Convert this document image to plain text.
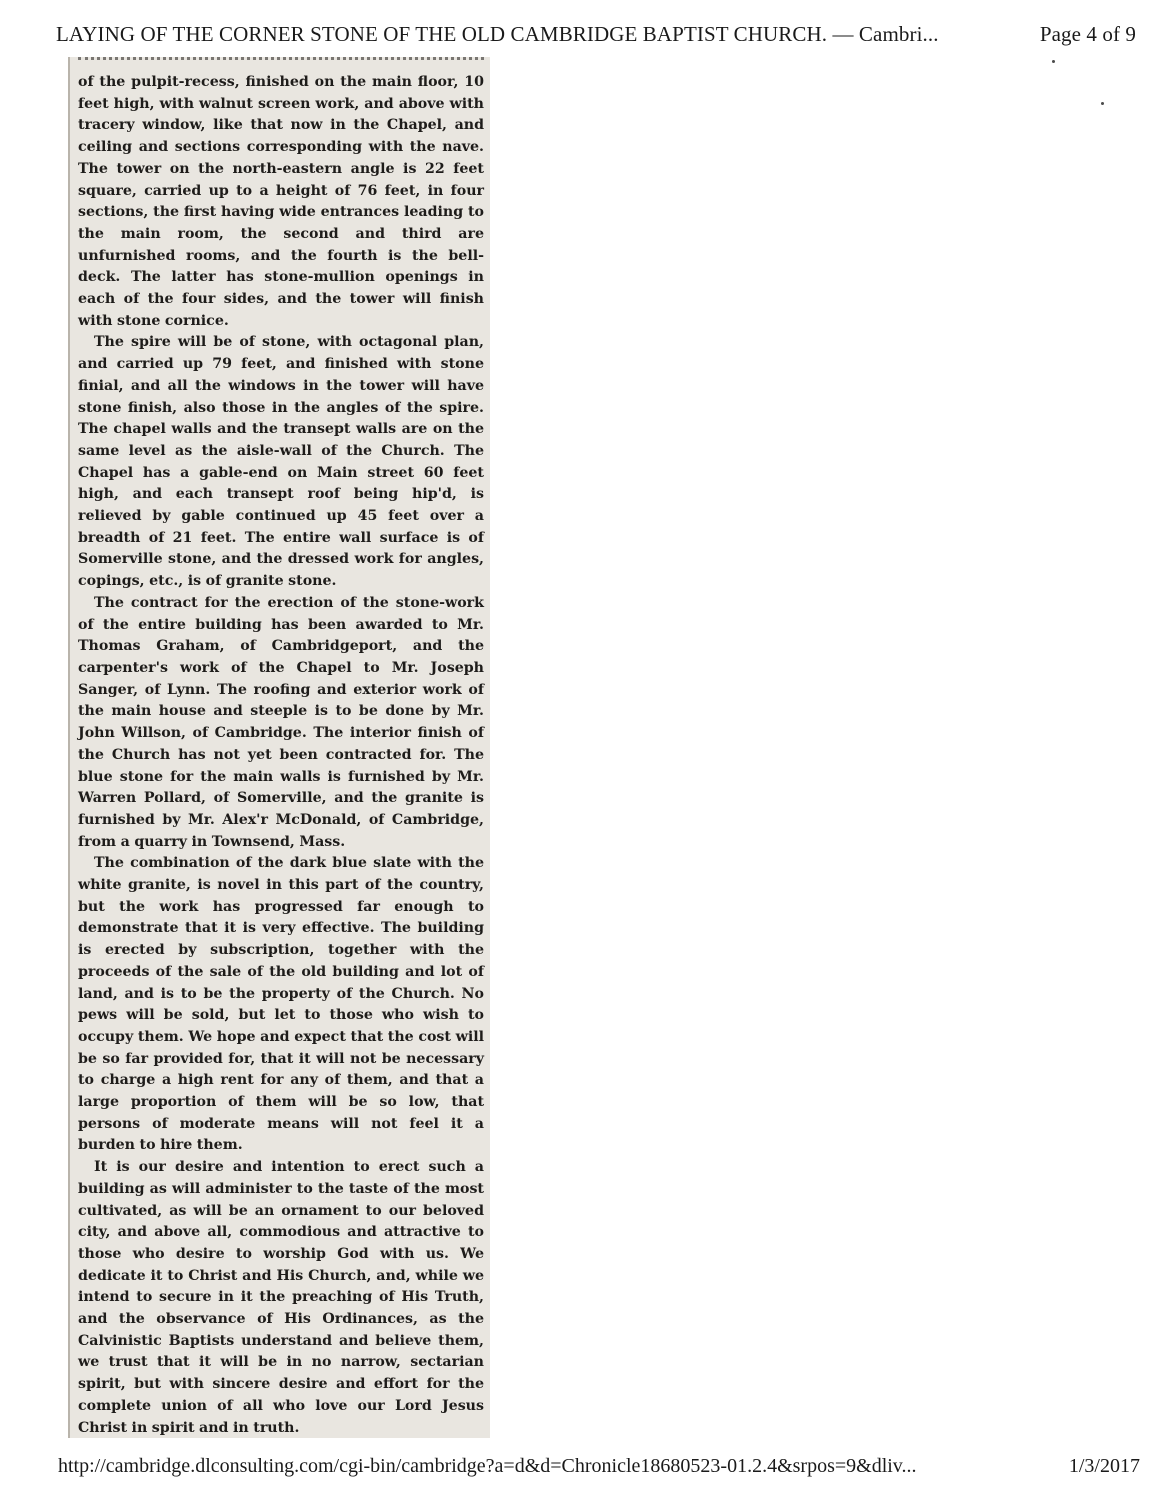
LAYING OF THE CORNER STONE OF THE OLD CAMBRIDGE BAPTIST CHURCH. — Cambri...	Page 4 of 9

of the pulpit-recess, finished on the main floor, 10 feet high, with walnut screen work, and above with tracery window, like that now in the Chapel, and ceiling and sections corresponding with the nave. The tower on the north-eastern angle is 22 feet square, carried up to a height of 76 feet, in four sections, the first having wide entrances leading to the main room, the second and third are unfurnished rooms, and the fourth is the bell-deck. The latter has stone-mullion openings in each of the four sides, and the tower will finish with stone cornice.

The spire will be of stone, with octagonal plan, and carried up 79 feet, and finished with stone finial, and all the windows in the tower will have stone finish, also those in the angles of the spire. The chapel walls and the transept walls are on the same level as the aisle-wall of the Church. The Chapel has a gable-end on Main street 60 feet high, and each transept roof being hip'd, is relieved by gable continued up 45 feet over a breadth of 21 feet. The entire wall surface is of Somerville stone, and the dressed work for angles, copings, etc., is of granite stone.

The contract for the erection of the stone-work of the entire building has been awarded to Mr. Thomas Graham, of Cambridgeport, and the carpenter's work of the Chapel to Mr. Joseph Sanger, of Lynn. The roofing and exterior work of the main house and steeple is to be done by Mr. John Willson, of Cambridge. The interior finish of the Church has not yet been contracted for. The blue stone for the main walls is furnished by Mr. Warren Pollard, of Somerville, and the granite is furnished by Mr. Alex'r McDonald, of Cambridge, from a quarry in Townsend, Mass.

The combination of the dark blue slate with the white granite, is novel in this part of the country, but the work has progressed far enough to demonstrate that it is very effective. The building is erected by subscription, together with the proceeds of the sale of the old building and lot of land, and is to be the property of the Church. No pews will be sold, but let to those who wish to occupy them. We hope and expect that the cost will be so far provided for, that it will not be necessary to charge a high rent for any of them, and that a large proportion of them will be so low, that persons of moderate means will not feel it a burden to hire them.

It is our desire and intention to erect such a building as will administer to the taste of the most cultivated, as will be an ornament to our beloved city, and above all, commodious and attractive to those who desire to worship God with us. We dedicate it to Christ and His Church, and, while we intend to secure in it the preaching of His Truth, and the observance of His Ordinances, as the Calvinistic Baptists understand and believe them, we trust that it will be in no narrow, sectarian spirit, but with sincere desire and effort for the complete union of all who love our Lord Jesus Christ in spirit and in truth.

http://cambridge.dlconsulting.com/cgi-bin/cambridge?a=d&d=Chronicle18680523-01.2.4&srpos=9&dliv...	1/3/2017
